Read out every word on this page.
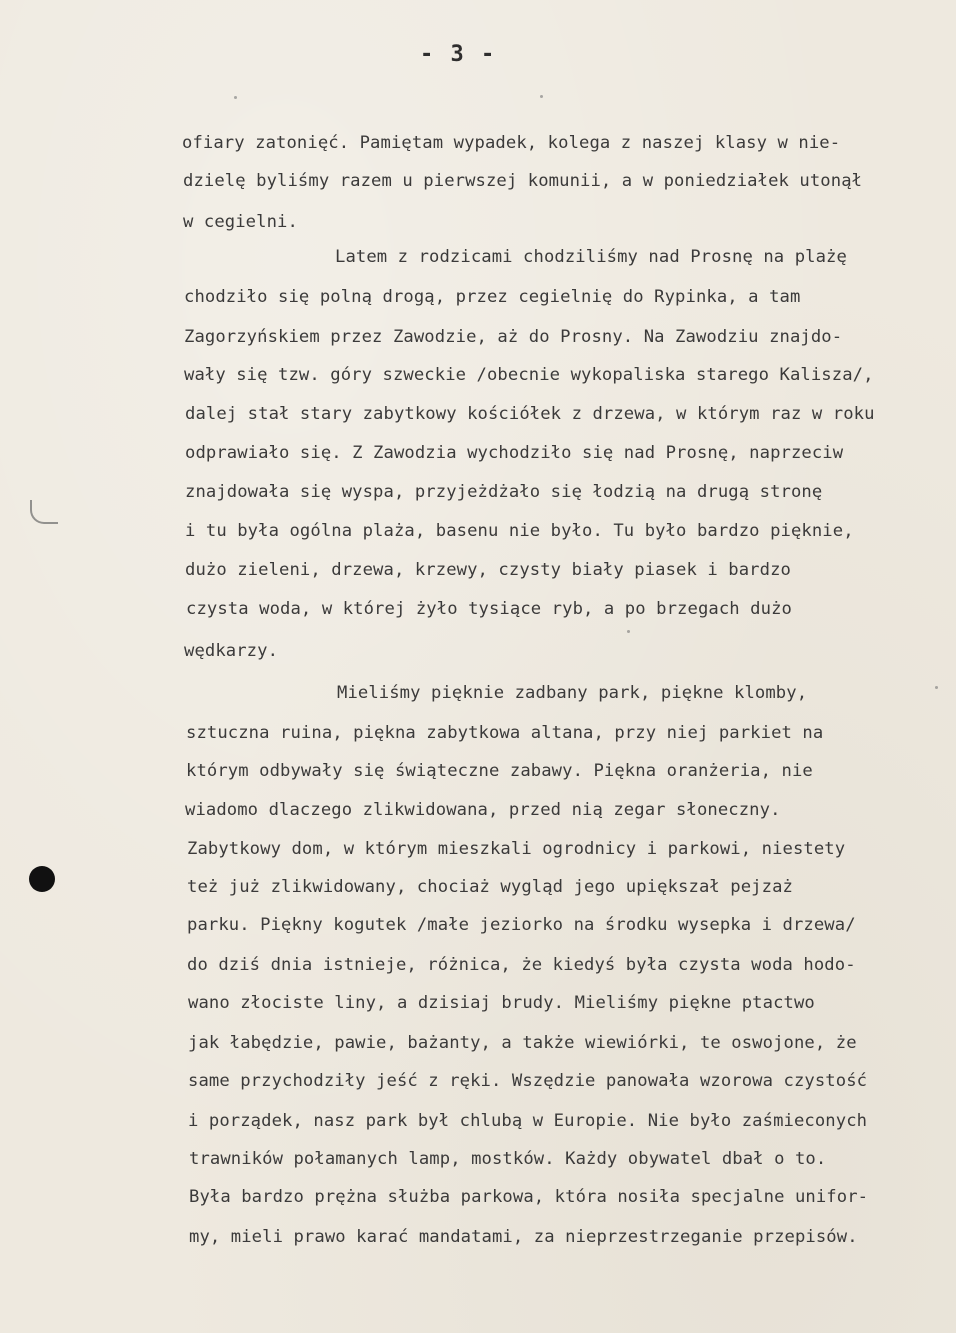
- 3 -
ofiary zatonięć. Pamiętam wypadek, kolega z naszej klasy w nie-
dzielę byliśmy razem u pierwszej komunii, a w poniedziałek utonął
w cegielni.
Latem z rodzicami chodziliśmy nad Prosnę na plażę
chodziło się polną drogą, przez cegielnię do Rypinka, a tam
Zagorzyńskiem przez Zawodzie, aż do Prosny. Na Zawodziu znajdo-
wały się tzw. góry szweckie /obecnie wykopaliska starego Kalisza/,
dalej stał stary zabytkowy kościółek z drzewa, w którym raz w roku
odprawiało się. Z Zawodzia wychodziło się nad Prosnę, naprzeciw
znajdowała się wyspa, przyjeżdżało się łodzią na drugą stronę
i tu była ogólna plaża, basenu nie było. Tu było bardzo pięknie,
dużo zieleni, drzewa, krzewy, czysty biały piasek i bardzo
czysta woda, w której żyło tysiące ryb, a po brzegach dużo
wędkarzy.
Mieliśmy pięknie zadbany park, piękne klomby,
sztuczna ruina, piękna zabytkowa altana, przy niej parkiet na
którym odbywały się świąteczne zabawy. Piękna oranżeria, nie
wiadomo dlaczego zlikwidowana, przed nią zegar słoneczny.
Zabytkowy dom, w którym mieszkali ogrodnicy i parkowi, niestety
też już zlikwidowany, chociaż wygląd jego upiększał pejzaż
parku. Piękny kogutek /małe jeziorko na środku wysepka i drzewa/
do dziś dnia istnieje, różnica, że kiedyś była czysta woda hodo-
wano złociste liny, a dzisiaj brudy. Mieliśmy piękne ptactwo
jak łabędzie, pawie, bażanty, a także wiewiórki, te oswojone, że
same przychodziły jeść z ręki. Wszędzie panowała wzorowa czystość
i porządek, nasz park był chlubą w Europie. Nie było zaśmieconych
trawników połamanych lamp, mostków. Każdy obywatel dbał o to.
Była bardzo prężna służba parkowa, która nosiła specjalne unifor-
my, mieli prawo karać mandatami, za nieprzestrzeganie przepisów.
